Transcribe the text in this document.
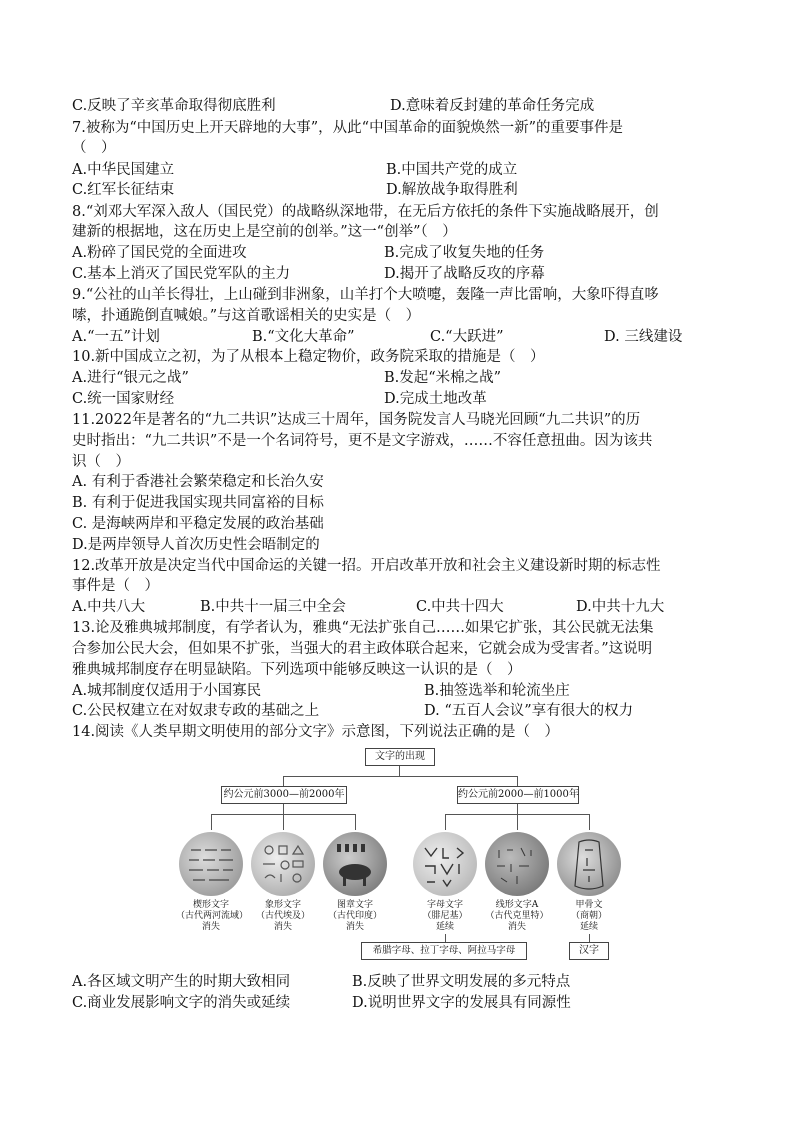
C.反映了辛亥革命取得彻底胜利	D.意味着反封建的革命任务完成
7.被称为“中国历史上开天辟地的大事”，从此“中国革命的面貌焕然一新”的重要事件是
（　）
A.中华民国建立	B.中国共产党的成立
C.红军长征结束	D.解放战争取得胜利
8.“刘邓大军深入敌人（国民党）的战略纵深地带，在无后方依托的条件下实施战略展开，创
建新的根据地，这在历史上是空前的创举。”这一“创举”（　）
A.粉碎了国民党的全面进攻	B.完成了收复失地的任务
C.基本上消灭了国民党军队的主力	D.揭开了战略反攻的序幕
9.“公社的山羊长得壮，上山碰到非洲象，山羊打个大喷嚏，轰隆一声比雷响，大象吓得直哆
嗦，扑通跪倒直喊娘。”与这首歌谣相关的史实是（　）
A.“一五”计划	B.“文化大革命”	C.“大跃进”	D. 三线建设
10.新中国成立之初，为了从根本上稳定物价，政务院采取的措施是（　）
A.进行“银元之战”	B.发起“米棉之战”
C.统一国家财经	D.完成土地改革
11.2022年是著名的“九二共识”达成三十周年，国务院发言人马晓光回顾“九二共识”的历
史时指出：“九二共识”不是一个名词符号，更不是文字游戏，……不容任意扭曲。因为该共
识（　）
A. 有利于香港社会繁荣稳定和长治久安
B. 有利于促进我国实现共同富裕的目标
C. 是海峡两岸和平稳定发展的政治基础
D.是两岸领导人首次历史性会晤制定的
12.改革开放是决定当代中国命运的关键一招。开启改革开放和社会主义建设新时期的标志性
事件是（　）
A.中共八大	B.中共十一届三中全会	C.中共十四大	D.中共十九大
13.论及雅典城邦制度，有学者认为，雅典“无法扩张自己……如果它扩张，其公民就无法集
合参加公民大会，但如果不扩张，当强大的君主政体联合起来，它就会成为受害者。”这说明
雅典城邦制度存在明显缺陷。下列选项中能够反映这一认识的是（　）
A.城邦制度仅适用于小国寡民	B.抽签选举和轮流坐庄
C.公民权建立在对奴隶专政的基础之上	D. “五百人会议”享有很大的权力
14.阅读《人类早期文明使用的部分文字》示意图，下列说法正确的是（　）
文字的出现
约公元前3000—前2000年	约公元前2000—前1000年
楔形文字
（古代两河流域）
消失
象形文字
（古代埃及）
消失
图章文字
（古代印度）
消失
字母文字
（腓尼基）
延续
线形文字A
（古代克里特）
消失
甲骨文
（商朝）
延续
希腊字母、拉丁字母、阿拉马字母	汉字
A.各区域文明产生的时期大致相同	B.反映了世界文明发展的多元特点
C.商业发展影响文字的消失或延续	D.说明世界文字的发展具有同源性
